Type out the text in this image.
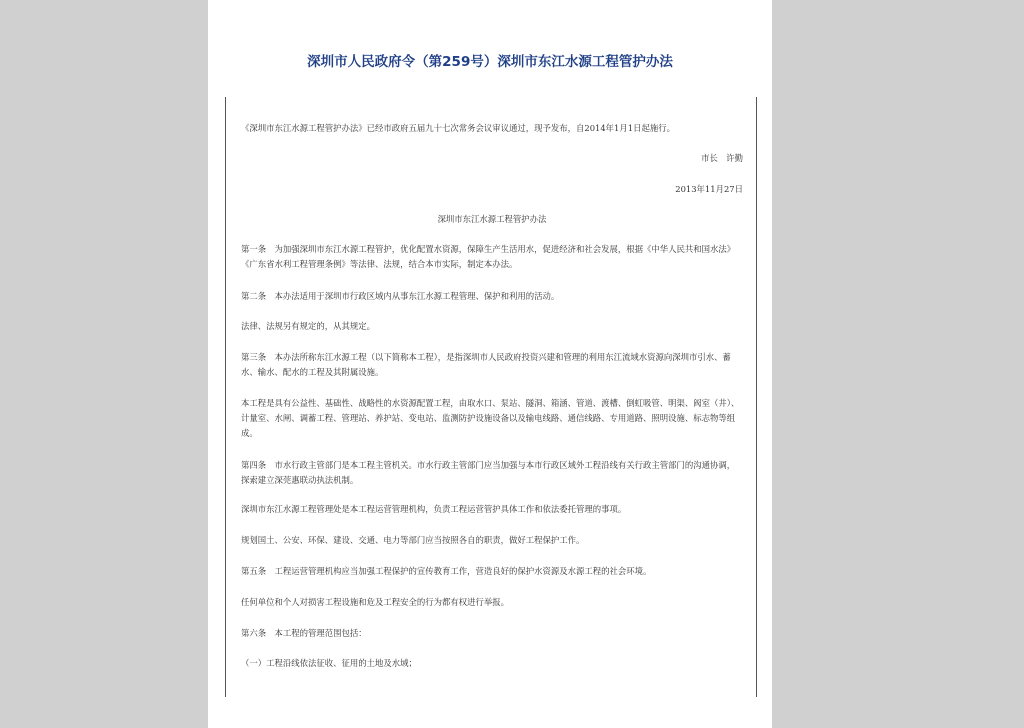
深圳市人民政府令（第259号）深圳市东江水源工程管护办法
《深圳市东江水源工程管护办法》已经市政府五届九十七次常务会议审议通过，现予发布，自2014年1月1日起施行。
市长　许勤
2013年11月27日
深圳市东江水源工程管护办法
第一条　为加强深圳市东江水源工程管护，优化配置水资源，保障生产生活用水，促进经济和社会发展，根据《中华人民共和国水法》《广东省水利工程管理条例》等法律、法规，结合本市实际，制定本办法。
第二条　本办法适用于深圳市行政区域内从事东江水源工程管理、保护和利用的活动。
法律、法规另有规定的，从其规定。
第三条　本办法所称东江水源工程（以下简称本工程），是指深圳市人民政府投资兴建和管理的利用东江流域水资源向深圳市引水、蓄水、输水、配水的工程及其附属设施。
本工程是具有公益性、基础性、战略性的水资源配置工程，由取水口、泵站、隧洞、箱涵、管道、渡槽、倒虹吸管、明渠、阀室（井）、计量室、水闸、调蓄工程、管理站、养护站、变电站、监测防护设施设备以及输电线路、通信线路、专用道路、照明设施、标志物等组成。
第四条　市水行政主管部门是本工程主管机关。市水行政主管部门应当加强与本市行政区域外工程沿线有关行政主管部门的沟通协调，探索建立深莞惠联动执法机制。
深圳市东江水源工程管理处是本工程运营管理机构，负责工程运营管护具体工作和依法委托管理的事项。
规划国土、公安、环保、建设、交通、电力等部门应当按照各自的职责，做好工程保护工作。
第五条　工程运营管理机构应当加强工程保护的宣传教育工作，营造良好的保护水资源及水源工程的社会环境。
任何单位和个人对损害工程设施和危及工程安全的行为都有权进行举报。
第六条　本工程的管理范围包括：
（一）工程沿线依法征收、征用的土地及水域；
